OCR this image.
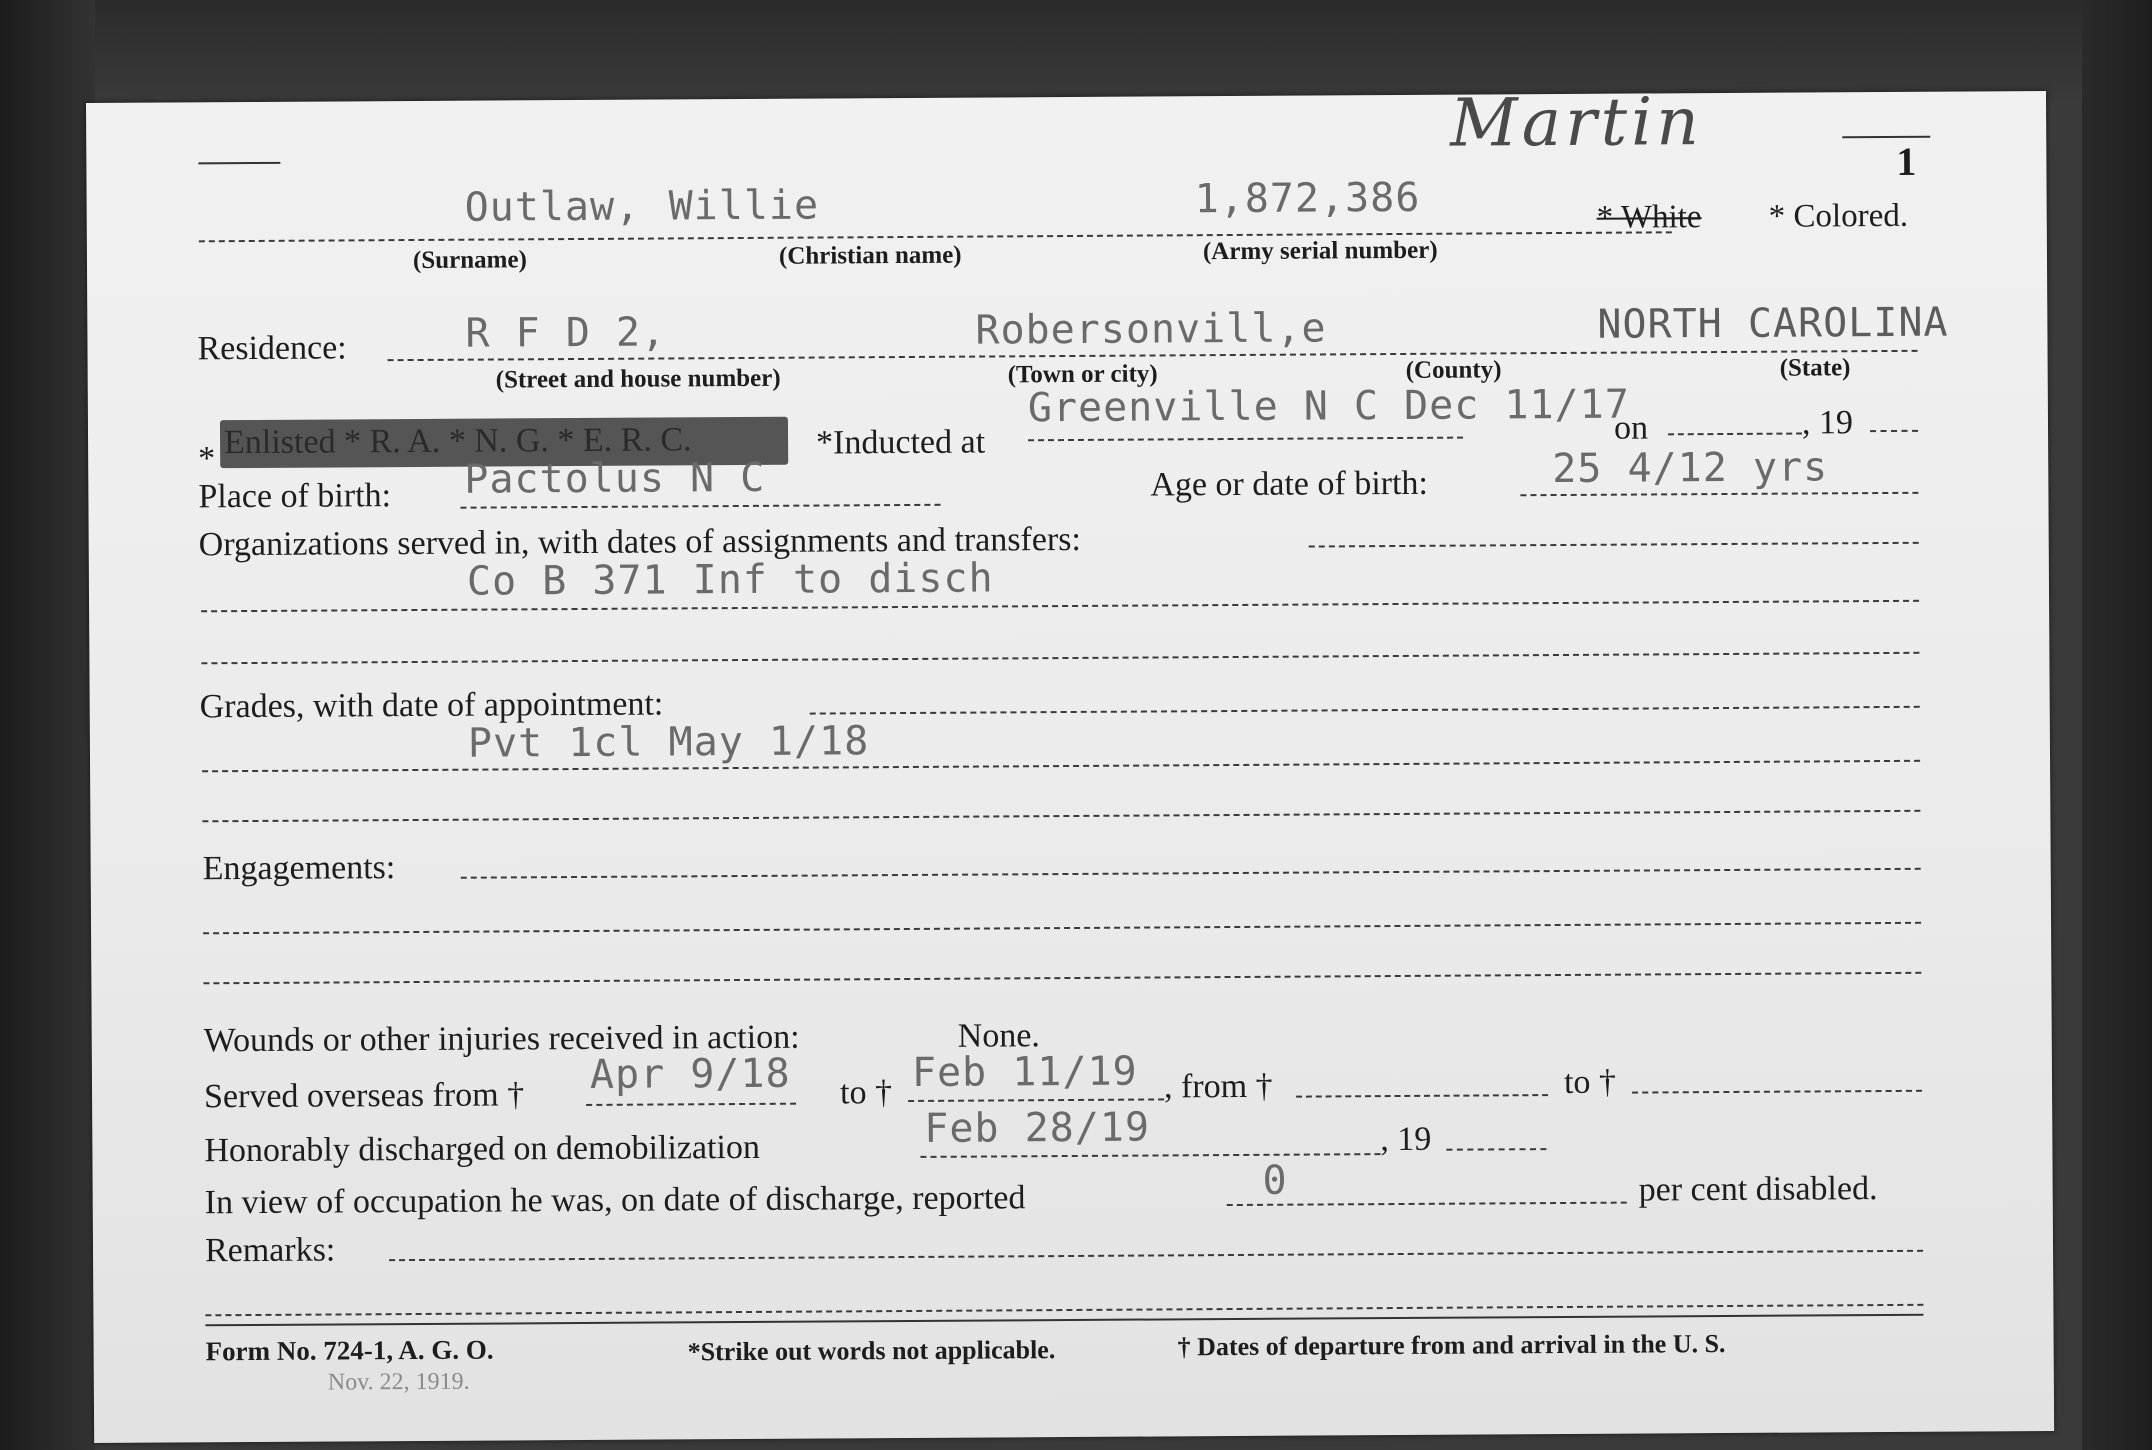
Martin	1
Outlaw, Willie	1,872,386	* White * Colored.
(Surname)	(Christian name)	(Army serial number)
Residence:	R F D 2,	Robersonvill,e	NORTH CAROLINA
(Street and house number)	(Town or city)	(County)	(State)
* Enlisted * R. A. * N. G. * E. R. C.	*Inducted at
Greenville N C Dec 11/17
on	, 19
Place of birth: Pactolus N C	Age or date of birth:	25 4/12 yrs
Organizations served in, with dates of assignments and transfers:
Co B 371 Inf to disch
Grades, with date of appointment:
Pvt 1cl May 1/18
Engagements:
Wounds or other injuries received in action:	None.
Served overseas from † Apr 9/18 to † Feb 11/19 , from †	to †
Honorably discharged on demobilization	Feb 28/19	, 19
In view of occupation he was, on date of discharge, reported	0	per cent disabled.
Remarks:
Form No. 724-1, A. G. O.
Nov. 22, 1919.
*Strike out words not applicable.	† Dates of departure from and arrival in the U. S.
